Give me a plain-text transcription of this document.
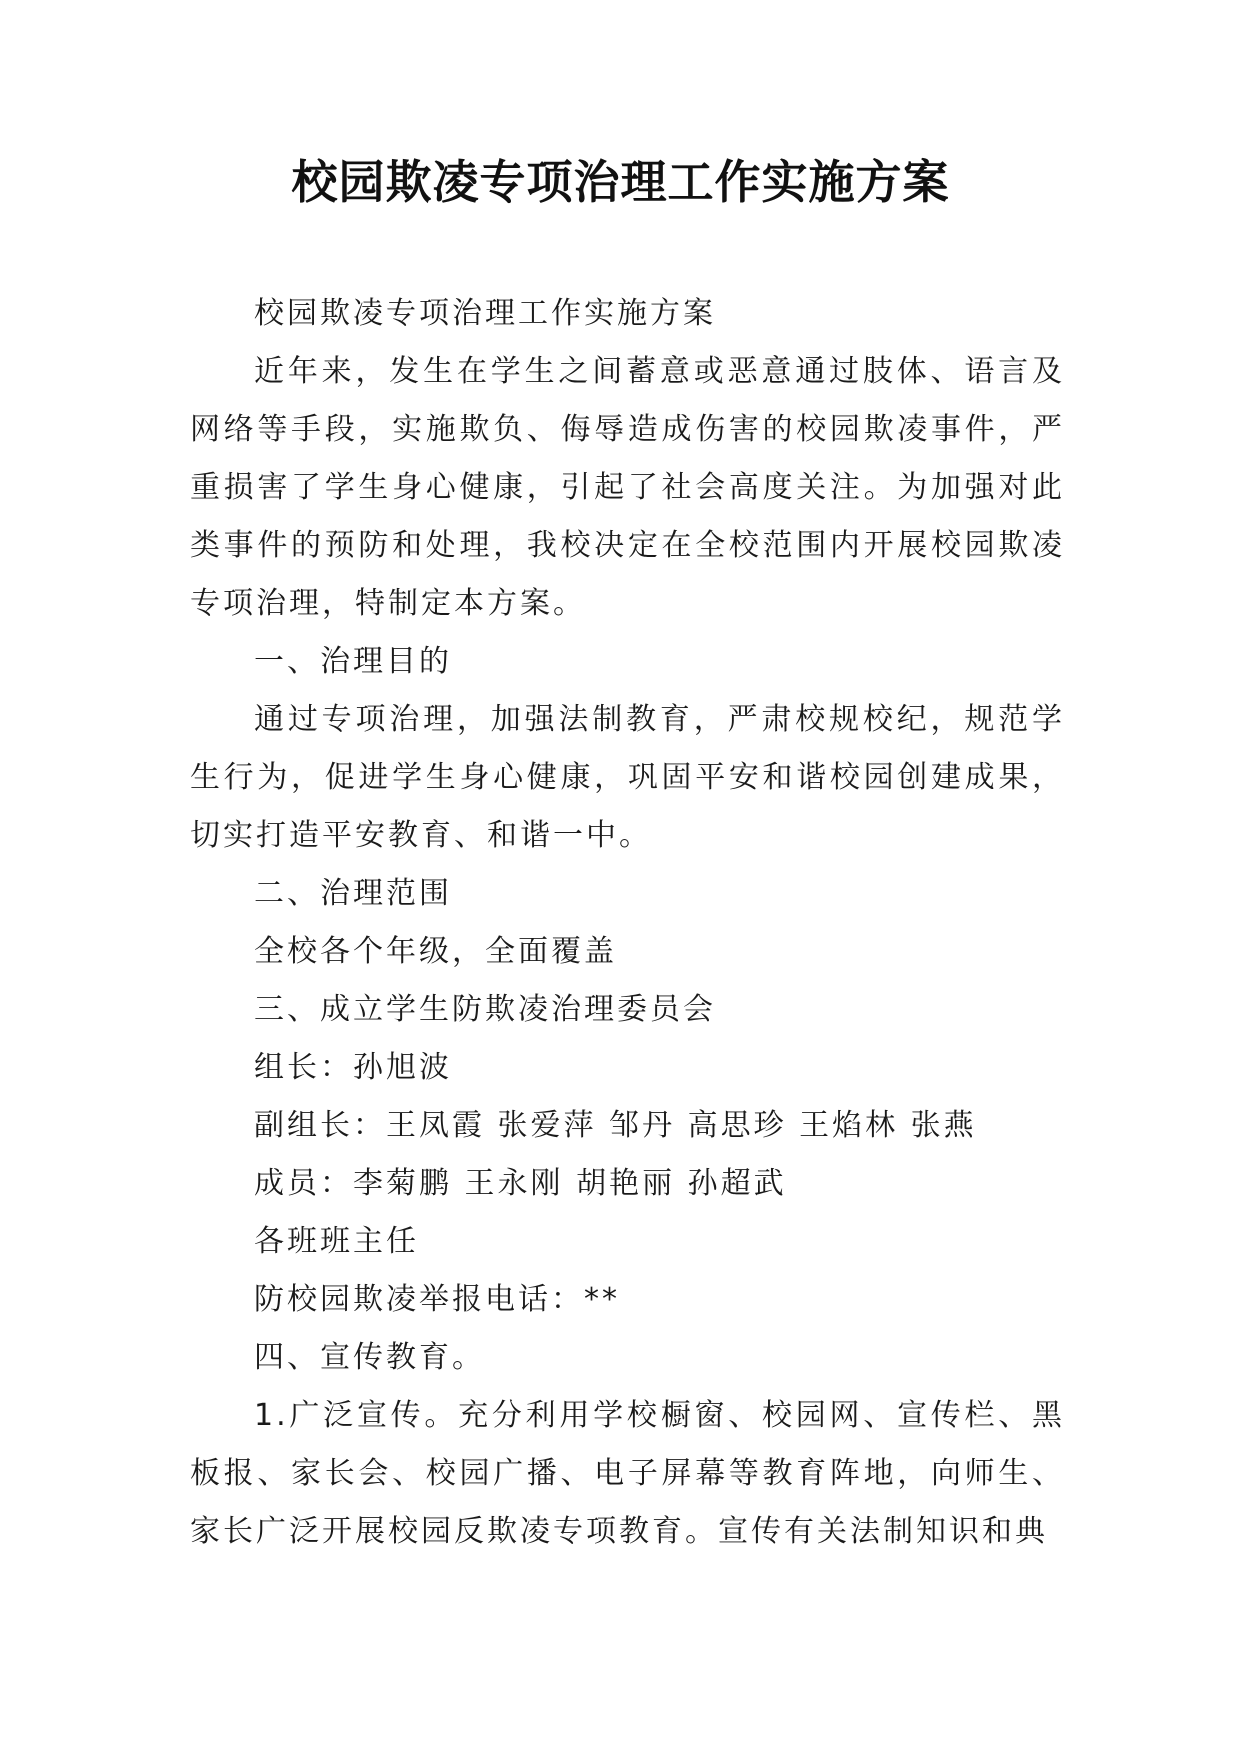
校园欺凌专项治理工作实施方案

校园欺凌专项治理工作实施方案

近年来，发生在学生之间蓄意或恶意通过肢体、语言及网络等手段，实施欺负、侮辱造成伤害的校园欺凌事件，严重损害了学生身心健康，引起了社会高度关注。为加强对此类事件的预防和处理，我校决定在全校范围内开展校园欺凌专项治理，特制定本方案。

一、治理目的

通过专项治理，加强法制教育，严肃校规校纪，规范学生行为，促进学生身心健康，巩固平安和谐校园创建成果，切实打造平安教育、和谐一中。

二、治理范围

全校各个年级，全面覆盖

三、成立学生防欺凌治理委员会

组长：孙旭波

副组长：王凤霞 张爱萍 邹丹 高思珍 王焰林 张燕

成员：李菊鹏 王永刚 胡艳丽 孙超武

各班班主任

防校园欺凌举报电话：**

四、宣传教育。

1.广泛宣传。充分利用学校橱窗、校园网、宣传栏、黑板报、家长会、校园广播、电子屏幕等教育阵地，向师生、家长广泛开展校园反欺凌专项教育。宣传有关法制知识和典
